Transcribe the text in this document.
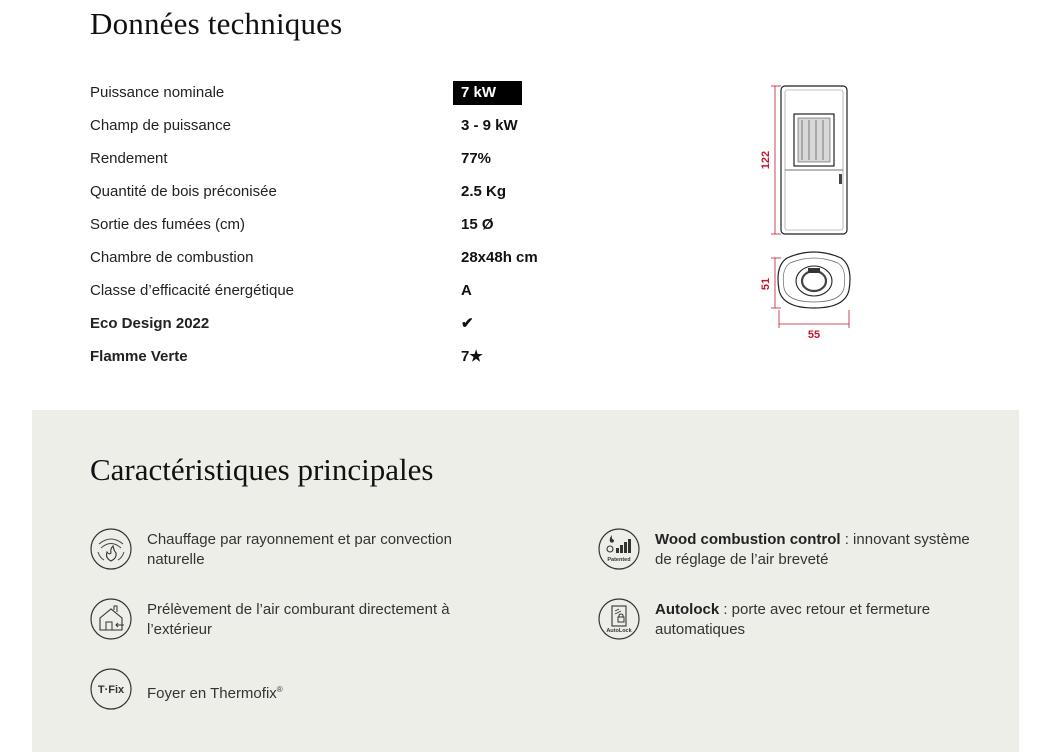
Données techniques
Puissance nominale	7 kW
Champ de puissance	3 - 9 kW
Rendement	77%
Quantité de bois préconisée	2.5 Kg
Sortie des fumées (cm)	15 Ø
Chambre de combustion	28x48h cm
Classe d’efficacité énergétique	A
Eco Design 2022	✔
Flamme Verte	7★
122
51
55
Caractéristiques principales
Chauffage par rayonnement et par convection naturelle
Prélèvement de l’air comburant directement à l’extérieur
T·Fix Foyer en Thermofix®
Patented
Wood combustion control : innovant système de réglage de l’air breveté
AutoLock
Autolock : porte avec retour et fermeture automatiques
